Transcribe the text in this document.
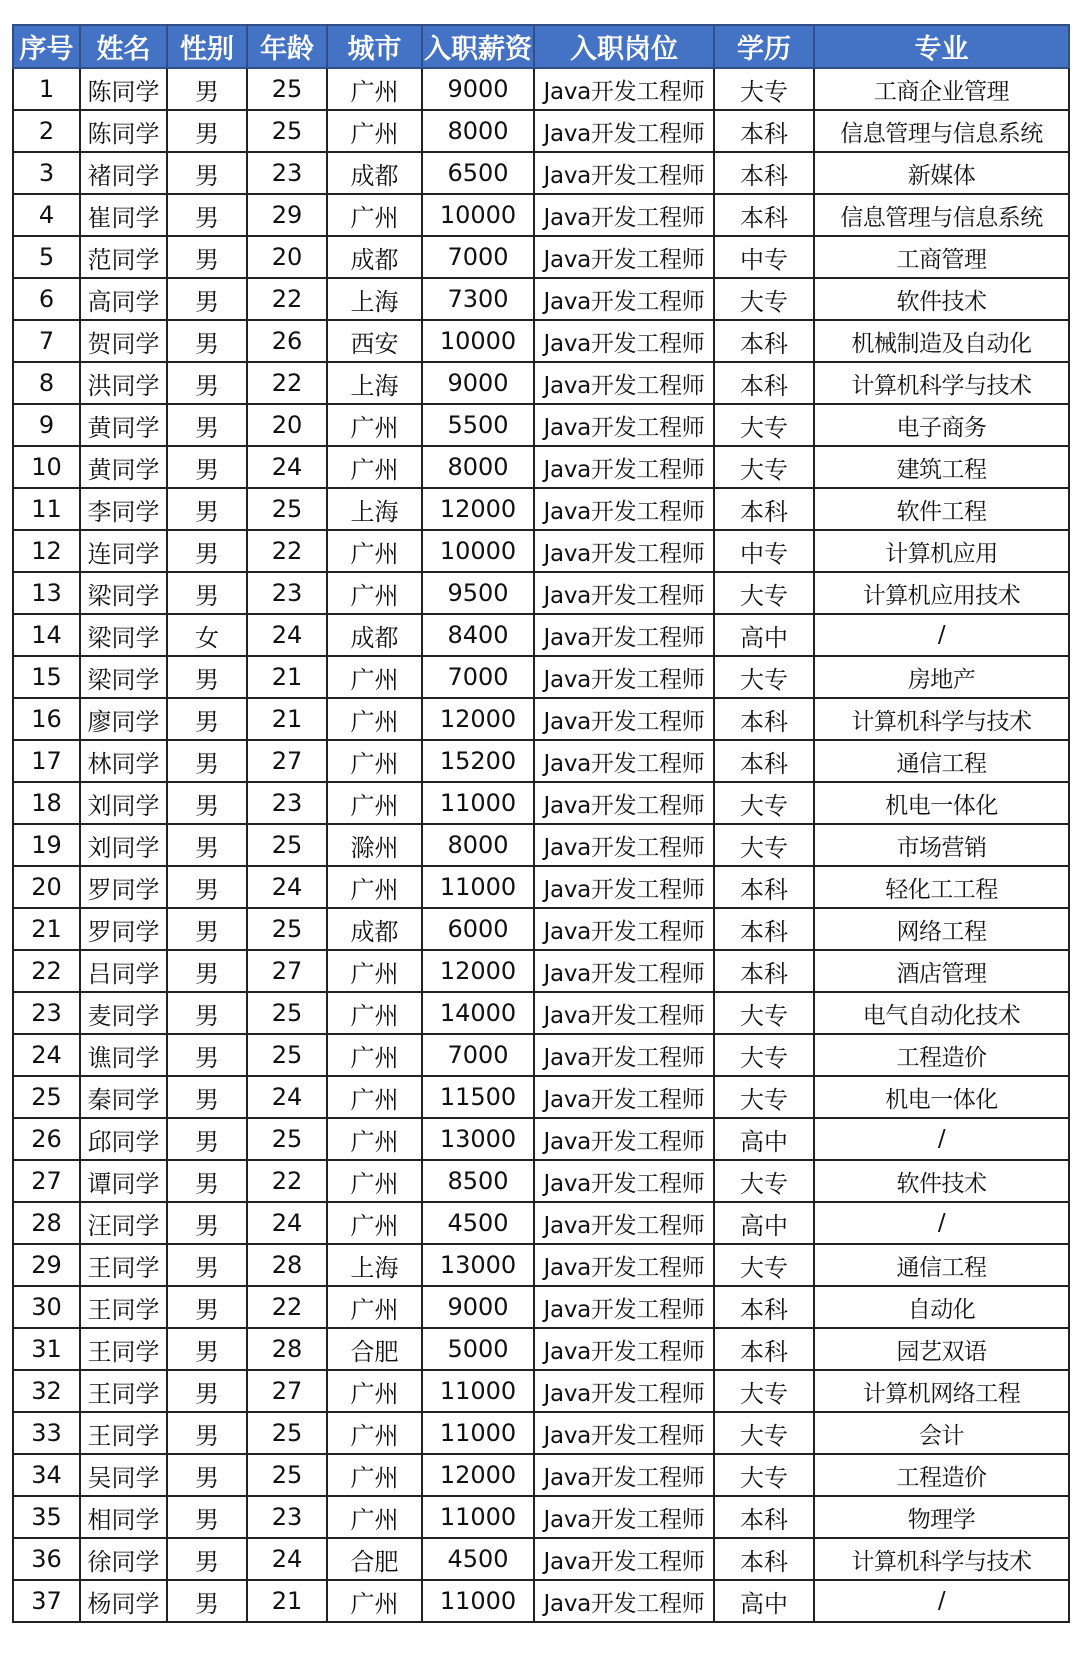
序号	姓名	性别	年龄	城市	入职薪资	入职岗位	学历	专业
1	陈同学	男	25	广州	9000	Java开发工程师	大专	工商企业管理
2	陈同学	男	25	广州	8000	Java开发工程师	本科	信息管理与信息系统
3	褚同学	男	23	成都	6500	Java开发工程师	本科	新媒体
4	崔同学	男	29	广州	10000	Java开发工程师	本科	信息管理与信息系统
5	范同学	男	20	成都	7000	Java开发工程师	中专	工商管理
6	高同学	男	22	上海	7300	Java开发工程师	大专	软件技术
7	贺同学	男	26	西安	10000	Java开发工程师	本科	机械制造及自动化
8	洪同学	男	22	上海	9000	Java开发工程师	本科	计算机科学与技术
9	黄同学	男	20	广州	5500	Java开发工程师	大专	电子商务
10	黄同学	男	24	广州	8000	Java开发工程师	大专	建筑工程
11	李同学	男	25	上海	12000	Java开发工程师	本科	软件工程
12	连同学	男	22	广州	10000	Java开发工程师	中专	计算机应用
13	梁同学	男	23	广州	9500	Java开发工程师	大专	计算机应用技术
14	梁同学	女	24	成都	8400	Java开发工程师	高中	/
15	梁同学	男	21	广州	7000	Java开发工程师	大专	房地产
16	廖同学	男	21	广州	12000	Java开发工程师	本科	计算机科学与技术
17	林同学	男	27	广州	15200	Java开发工程师	本科	通信工程
18	刘同学	男	23	广州	11000	Java开发工程师	大专	机电一体化
19	刘同学	男	25	滁州	8000	Java开发工程师	大专	市场营销
20	罗同学	男	24	广州	11000	Java开发工程师	本科	轻化工工程
21	罗同学	男	25	成都	6000	Java开发工程师	本科	网络工程
22	吕同学	男	27	广州	12000	Java开发工程师	本科	酒店管理
23	麦同学	男	25	广州	14000	Java开发工程师	大专	电气自动化技术
24	谯同学	男	25	广州	7000	Java开发工程师	大专	工程造价
25	秦同学	男	24	广州	11500	Java开发工程师	大专	机电一体化
26	邱同学	男	25	广州	13000	Java开发工程师	高中	/
27	谭同学	男	22	广州	8500	Java开发工程师	大专	软件技术
28	汪同学	男	24	广州	4500	Java开发工程师	高中	/
29	王同学	男	28	上海	13000	Java开发工程师	大专	通信工程
30	王同学	男	22	广州	9000	Java开发工程师	本科	自动化
31	王同学	男	28	合肥	5000	Java开发工程师	本科	园艺双语
32	王同学	男	27	广州	11000	Java开发工程师	大专	计算机网络工程
33	王同学	男	25	广州	11000	Java开发工程师	大专	会计
34	吴同学	男	25	广州	12000	Java开发工程师	大专	工程造价
35	相同学	男	23	广州	11000	Java开发工程师	本科	物理学
36	徐同学	男	24	合肥	4500	Java开发工程师	本科	计算机科学与技术
37	杨同学	男	21	广州	11000	Java开发工程师	高中	/
